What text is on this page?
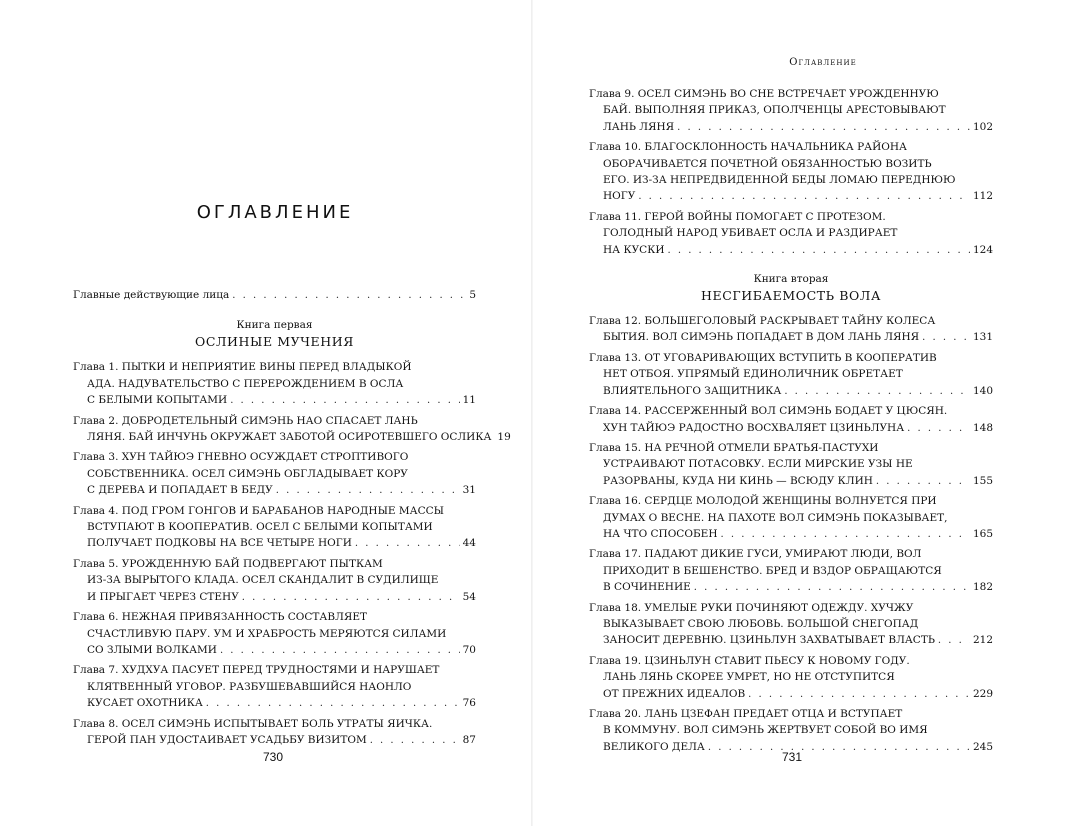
ОГЛАВЛЕНИЕ
Главные действующие лица . . .	5
Книга первая
ОСЛИНЫЕ МУЧЕНИЯ
Глава 1. ПЫТКИ И НЕПРИЯТИЕ ВИНЫ ПЕРЕД ВЛАДЫКОЙ
АДА. НАДУВАТЕЛЬСТВО С ПЕРЕРОЖДЕНИЕМ В ОСЛА
С БЕЛЫМИ КОПЫТАМИ . . .	11
Глава 2. ДОБРОДЕТЕЛЬНЫЙ СИМЭНЬ НАО СПАСАЕТ ЛАНЬ
ЛЯНЯ. БАЙ ИНЧУНЬ ОКРУЖАЕТ ЗАБОТОЙ ОСИРОТЕВШЕГО ОСЛИКА 19
Глава 3. ХУН ТАЙЮЭ ГНЕВНО ОСУЖДАЕТ СТРОПТИВОГО
СОБСТВЕННИКА. ОСЕЛ СИМЭНЬ ОБГЛАДЫВАЕТ КОРУ
С ДЕРЕВА И ПОПАДАЕТ В БЕДУ . . .	31
Глава 4. ПОД ГРОМ ГОНГОВ И БАРАБАНОВ НАРОДНЫЕ МАССЫ
ВСТУПАЮТ В КООПЕРАТИВ. ОСЕЛ С БЕЛЫМИ КОПЫТАМИ
ПОЛУЧАЕТ ПОДКОВЫ НА ВСЕ ЧЕТЫРЕ НОГИ . . .	44
Глава 5. УРОЖДЕННУЮ БАЙ ПОДВЕРГАЮТ ПЫТКАМ
ИЗ-ЗА ВЫРЫТОГО КЛАДА. ОСЕЛ СКАНДАЛИТ В СУДИЛИЩЕ
И ПРЫГАЕТ ЧЕРЕЗ СТЕНУ . . .	54
Глава 6. НЕЖНАЯ ПРИВЯЗАННОСТЬ СОСТАВЛЯЕТ
СЧАСТЛИВУЮ ПАРУ. УМ И ХРАБРОСТЬ МЕРЯЮТСЯ СИЛАМИ
СО ЗЛЫМИ ВОЛКАМИ . . .	70
Глава 7. ХУДХУА ПАСУЕТ ПЕРЕД ТРУДНОСТЯМИ И НАРУШАЕТ
КЛЯТВЕННЫЙ УГОВОР. РАЗБУШЕВАВШИЙСЯ НАОНЛО
КУСАЕТ ОХОТНИКА . . .	76
Глава 8. ОСЕЛ СИМЭНЬ ИСПЫТЫВАЕТ БОЛЬ УТРАТЫ ЯИЧКА.
ГЕРОЙ ПАН УДОСТАИВАЕТ УСАДЬБУ ВИЗИТОМ . . .	87
730
Оглавление
Глава 9. ОСЕЛ СИМЭНЬ ВО СНЕ ВСТРЕЧАЕТ УРОЖДЕННУЮ
БАЙ. ВЫПОЛНЯЯ ПРИКАЗ, ОПОЛЧЕНЦЫ АРЕСТОВЫВАЮТ
ЛАНЬ ЛЯНЯ . . .	102
Глава 10. БЛАГОСКЛОННОСТЬ НАЧАЛЬНИКА РАЙОНА
ОБОРАЧИВАЕТСЯ ПОЧЕТНОЙ ОБЯЗАННОСТЬЮ ВОЗИТЬ
ЕГО. ИЗ-ЗА НЕПРЕДВИДЕННОЙ БЕДЫ ЛОМАЮ ПЕРЕДНЮЮ
НОГУ . . .	112
Глава 11. ГЕРОЙ ВОЙНЫ ПОМОГАЕТ С ПРОТЕЗОМ.
ГОЛОДНЫЙ НАРОД УБИВАЕТ ОСЛА И РАЗДИРАЕТ
НА КУСКИ . . .	124
Книга вторая
НЕСГИБАЕМОСТЬ ВОЛА
Глава 12. БОЛЬШЕГОЛОВЫЙ РАСКРЫВАЕТ ТАЙНУ КОЛЕСА
БЫТИЯ. ВОЛ СИМЭНЬ ПОПАДАЕТ В ДОМ ЛАНЬ ЛЯНЯ . . .	131
Глава 13. ОТ УГОВАРИВАЮЩИХ ВСТУПИТЬ В КООПЕРАТИВ
НЕТ ОТБОЯ. УПРЯМЫЙ ЕДИНОЛИЧНИК ОБРЕТАЕТ
ВЛИЯТЕЛЬНОГО ЗАЩИТНИКА . . .	140
Глава 14. РАССЕРЖЕННЫЙ ВОЛ СИМЭНЬ БОДАЕТ У ЦЮСЯН.
ХУН ТАЙЮЭ РАДОСТНО ВОСХВАЛЯЕТ ЦЗИНЬЛУНА . . .	148
Глава 15. НА РЕЧНОЙ ОТМЕЛИ БРАТЬЯ-ПАСТУХИ
УСТРАИВАЮТ ПОТАСОВКУ. ЕСЛИ МИРСКИЕ УЗЫ НЕ
РАЗОРВАНЫ, КУДА НИ КИНЬ — ВСЮДУ КЛИН . . .	155
Глава 16. СЕРДЦЕ МОЛОДОЙ ЖЕНЩИНЫ ВОЛНУЕТСЯ ПРИ
ДУМАХ О ВЕСНЕ. НА ПАХОТЕ ВОЛ СИМЭНЬ ПОКАЗЫВАЕТ,
НА ЧТО СПОСОБЕН . . .	165
Глава 17. ПАДАЮТ ДИКИЕ ГУСИ, УМИРАЮТ ЛЮДИ, ВОЛ
ПРИХОДИТ В БЕШЕНСТВО. БРЕД И ВЗДОР ОБРАЩАЮТСЯ
В СОЧИНЕНИЕ . . .	182
Глава 18. УМЕЛЫЕ РУКИ ПОЧИНЯЮТ ОДЕЖДУ. ХУЧЖУ
ВЫКАЗЫВАЕТ СВОЮ ЛЮБОВЬ. БОЛЬШОЙ СНЕГОПАД
ЗАНОСИТ ДЕРЕВНЮ. ЦЗИНЬЛУН ЗАХВАТЫВАЕТ ВЛАСТЬ . . .	212
Глава 19. ЦЗИНЬЛУН СТАВИТ ПЬЕСУ К НОВОМУ ГОДУ.
ЛАНЬ ЛЯНЬ СКОРЕЕ УМРЕТ, НО НЕ ОТСТУПИТСЯ
ОТ ПРЕЖНИХ ИДЕАЛОВ . . .	229
Глава 20. ЛАНЬ ЦЗЕФАН ПРЕДАЕТ ОТЦА И ВСТУПАЕТ
В КОММУНУ. ВОЛ СИМЭНЬ ЖЕРТВУЕТ СОБОЙ ВО ИМЯ
ВЕЛИКОГО ДЕЛА . . .	245
731
